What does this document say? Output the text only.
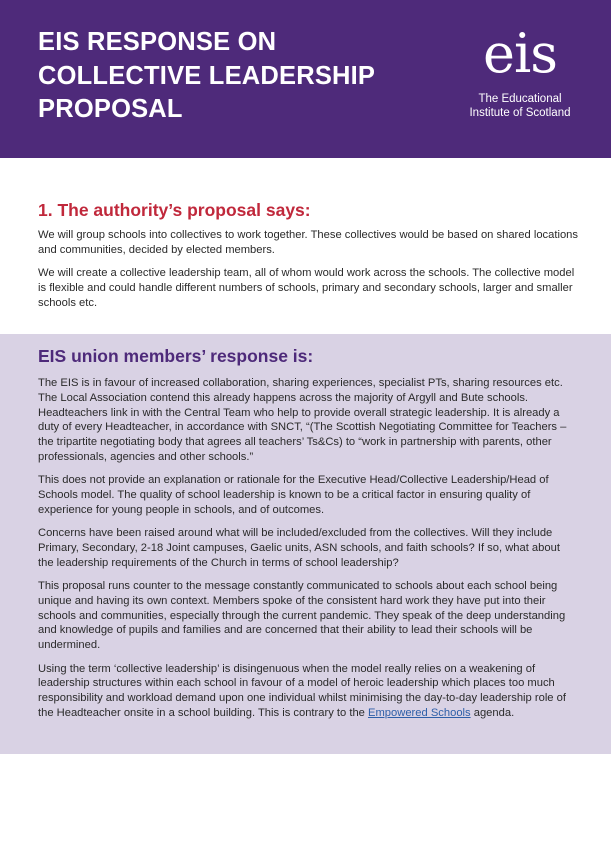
EIS RESPONSE ON
COLLECTIVE LEADERSHIP
PROPOSAL
eis
The Educational
Institute of Scotland
1. The authority’s proposal says:

We will group schools into collectives to work together. These collectives would be based on shared locations and communities, decided by elected members.

We will create a collective leadership team, all of whom would work across the schools. The collective model is flexible and could handle different numbers of schools, primary and secondary schools, larger and smaller schools etc.

EIS union members’ response is:

The EIS is in favour of increased collaboration, sharing experiences, specialist PTs, sharing resources etc. The Local Association contend this already happens across the majority of Argyll and Bute schools. Headteachers link in with the Central Team who help to provide overall strategic leadership. It is already a duty of every Headteacher, in accordance with SNCT, “(The Scottish Negotiating Committee for Teachers – the tripartite negotiating body that agrees all teachers’ Ts&Cs) to “work in partnership with parents, other professionals, agencies and other schools.”

This does not provide an explanation or rationale for the Executive Head/Collective Leadership/Head of Schools model. The quality of school leadership is known to be a critical factor in ensuring quality of experience for young people in schools, and of outcomes.

Concerns have been raised around what will be included/excluded from the collectives. Will they include Primary, Secondary, 2-18 Joint campuses, Gaelic units, ASN schools, and faith schools? If so, what about the leadership requirements of the Church in terms of school leadership?

This proposal runs counter to the message constantly communicated to schools about each school being unique and having its own context. Members spoke of the consistent hard work they have put into their schools and communities, especially through the current pandemic. They speak of the deep understanding and knowledge of pupils and families and are concerned that their ability to lead their schools will be undermined.

Using the term ‘collective leadership’ is disingenuous when the model really relies on a weakening of leadership structures within each school in favour of a model of heroic leadership which places too much responsibility and workload demand upon one individual whilst minimising the day-to-day leadership role of the Headteacher onsite in a school building. This is contrary to the Empowered Schools agenda.
